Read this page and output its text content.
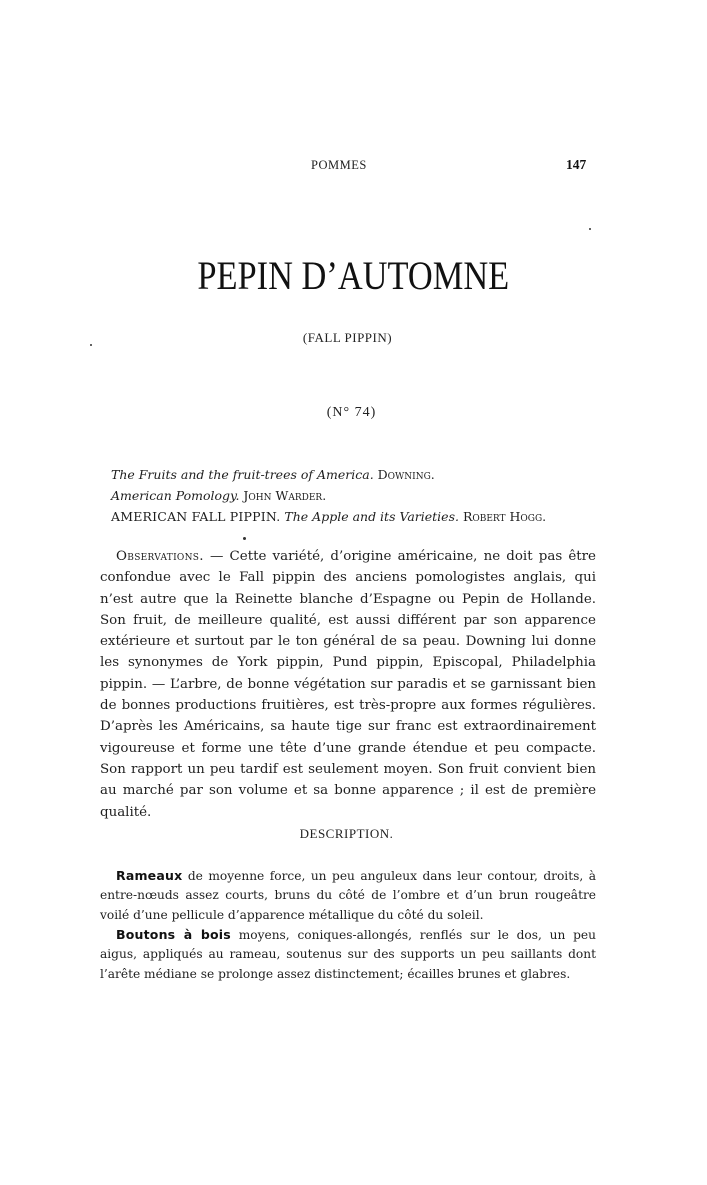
POMMES	147
PEPIN D’AUTOMNE
(FALL PIPPIN)
(N° 74)
The Fruits and the fruit-trees of America. Downing.
American Pomology. John Warder.
AMERICAN FALL PIPPIN. The Apple and its Varieties. Robert Hogg.

Observations. — Cette variété, d’origine américaine, ne doit pas être confondue avec le Fall pippin des anciens pomologistes anglais, qui n’est autre que la Reinette blanche d’Espagne ou Pepin de Hollande. Son fruit, de meilleure qualité, est aussi différent par son apparence extérieure et surtout par le ton général de sa peau. Downing lui donne les synonymes de York pippin, Pund pippin, Episcopal, Philadelphia pippin. — L’arbre, de bonne végétation sur paradis et se garnissant bien de bonnes productions fruitières, est très-propre aux formes régulières. D’après les Américains, sa haute tige sur franc est extraordinairement vigoureuse et forme une tête d’une grande étendue et peu compacte. Son rapport un peu tardif est seulement moyen. Son fruit convient bien au marché par son volume et sa bonne apparence ; il est de première qualité.

DESCRIPTION.

Rameaux de moyenne force, un peu anguleux dans leur contour, droits, à entre-nœuds assez courts, bruns du côté de l’ombre et d’un brun rougeâtre voilé d’une pellicule d’apparence métallique du côté du soleil.

Boutons à bois moyens, coniques-allongés, renflés sur le dos, un peu aigus, appliqués au rameau, soutenus sur des supports un peu saillants dont l’arête médiane se prolonge assez distinctement; écailles brunes et glabres.
